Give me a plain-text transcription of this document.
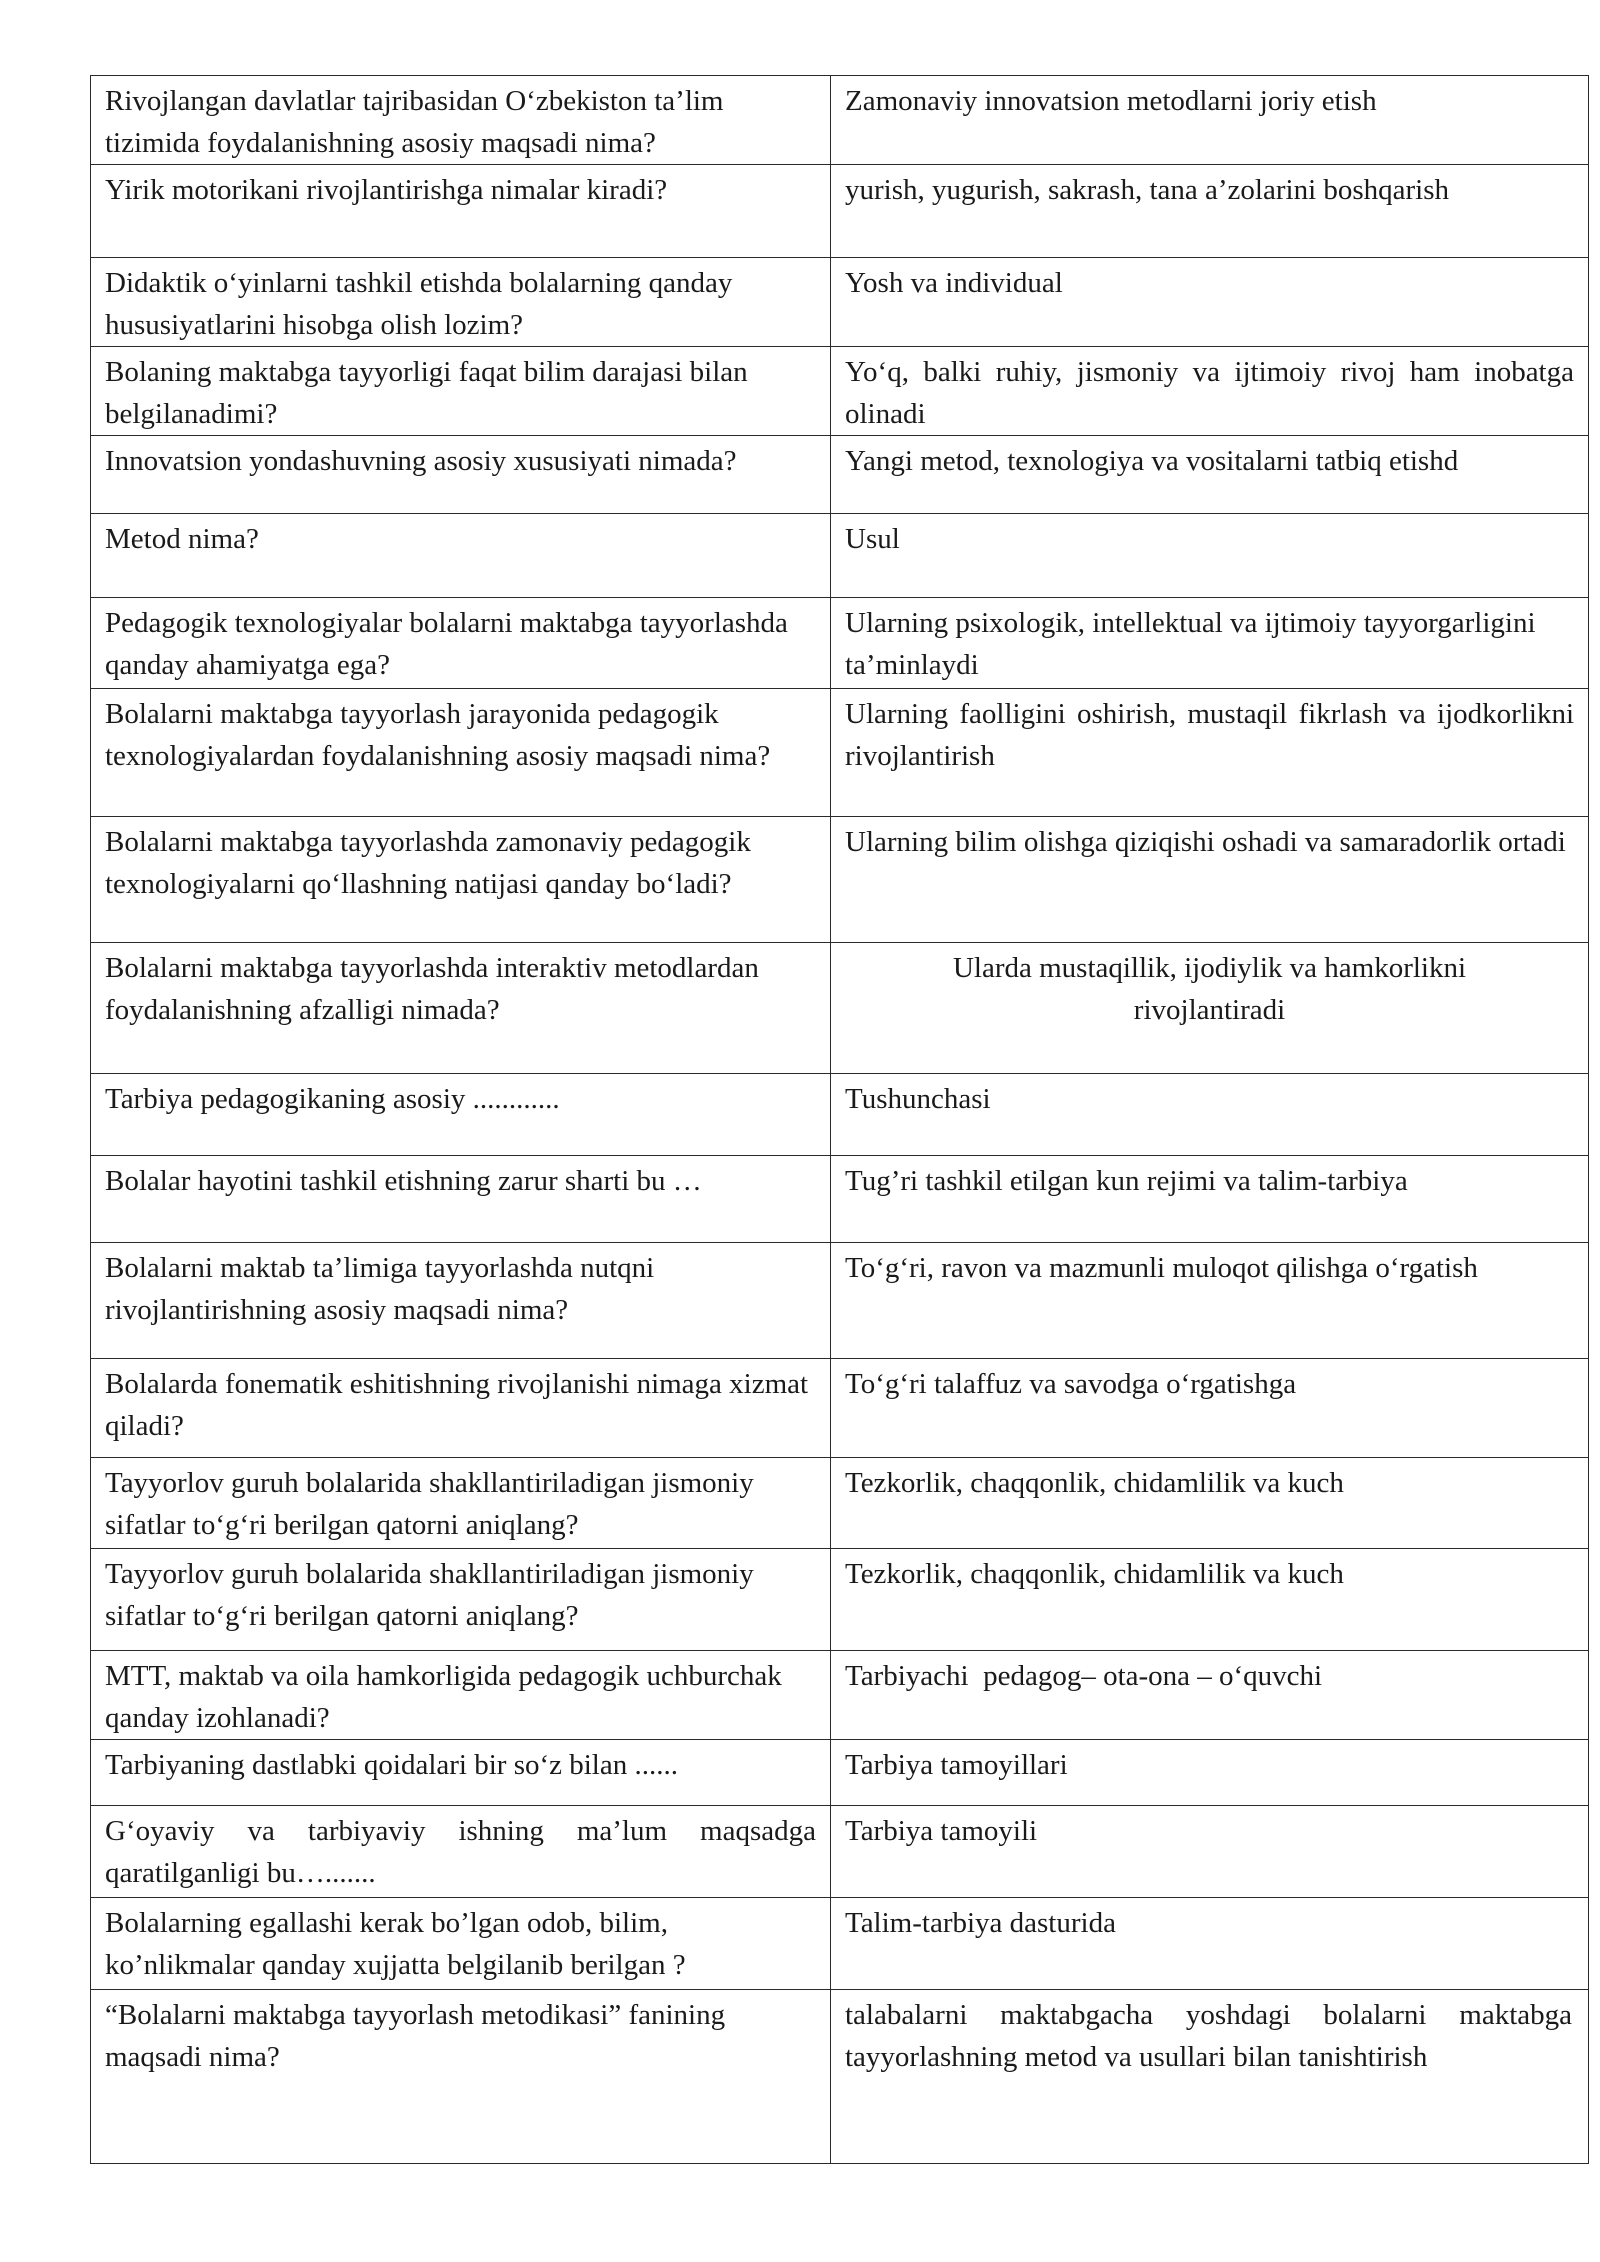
Rivojlangan davlatlar tajribasidan O‘zbekiston ta’lim tizimida foydalanishning asosiy maqsadi nima?	Zamonaviy innovatsion metodlarni joriy etish
Yirik motorikani rivojlantirishga nimalar kiradi?	yurish, yugurish, sakrash, tana a’zolarini boshqarish
Didaktik o‘yinlarni tashkil etishda bolalarning qanday hususiyatlarini hisobga olish lozim?	Yosh va individual
Bolaning maktabga tayyorligi faqat bilim darajasi bilan belgilanadimi?	Yo‘q, balki ruhiy, jismoniy va ijtimoiy rivoj ham inobatga olinadi
Innovatsion yondashuvning asosiy xususiyati nimada?	Yangi metod, texnologiya va vositalarni tatbiq etishd
Metod nima?	Usul
Pedagogik texnologiyalar bolalarni maktabga tayyorlashda qanday ahamiyatga ega?	Ularning psixologik, intellektual va ijtimoiy tayyorgarligini ta’minlaydi
Bolalarni maktabga tayyorlash jarayonida pedagogik texnologiyalardan foydalanishning asosiy maqsadi nima?	Ularning faolligini oshirish, mustaqil fikrlash va ijodkorlikni rivojlantirish
Bolalarni maktabga tayyorlashda zamonaviy pedagogik texnologiyalarni qo‘llashning natijasi qanday bo‘ladi?	Ularning bilim olishga qiziqishi oshadi va samaradorlik ortadi
Bolalarni maktabga tayyorlashda interaktiv metodlardan foydalanishning afzalligi nimada?	Ularda mustaqillik, ijodiylik va hamkorlikni rivojlantiradi
Tarbiya pedagogikaning asosiy ............	Tushunchasi
Bolalar hayotini tashkil etishning zarur sharti bu …	Tug’ri tashkil etilgan kun rejimi va talim-tarbiya
Bolalarni maktab ta’limiga tayyorlashda nutqni rivojlantirishning asosiy maqsadi nima?	To‘g‘ri, ravon va mazmunli muloqot qilishga o‘rgatish
Bolalarda fonematik eshitishning rivojlanishi nimaga xizmat qiladi?	To‘g‘ri talaffuz va savodga o‘rgatishga
Tayyorlov guruh bolalarida shakllantiriladigan jismoniy sifatlar to‘g‘ri berilgan qatorni aniqlang?	Tezkorlik, chaqqonlik, chidamlilik va kuch
Tayyorlov guruh bolalarida shakllantiriladigan jismoniy sifatlar to‘g‘ri berilgan qatorni aniqlang?	Tezkorlik, chaqqonlik, chidamlilik va kuch
MTT, maktab va oila hamkorligida pedagogik uchburchak qanday izohlanadi?	Tarbiyachi  pedagog– ota-ona – o‘quvchi
Tarbiyaning dastlabki qoidalari bir so‘z bilan ......	Tarbiya tamoyillari
G‘oyaviy va tarbiyaviy ishning ma’lum maqsadga qaratilganligi bu….......	Tarbiya tamoyili
Bolalarning egallashi kerak bo’lgan odob, bilim, ko’nlikmalar qanday xujjatta belgilanib berilgan ?	Talim-tarbiya dasturida
“Bolalarni maktabga tayyorlash metodikasi” fanining maqsadi nima?	talabalarni maktabgacha yoshdagi bolalarni maktabga tayyorlashning metod va usullari bilan tanishtirish
